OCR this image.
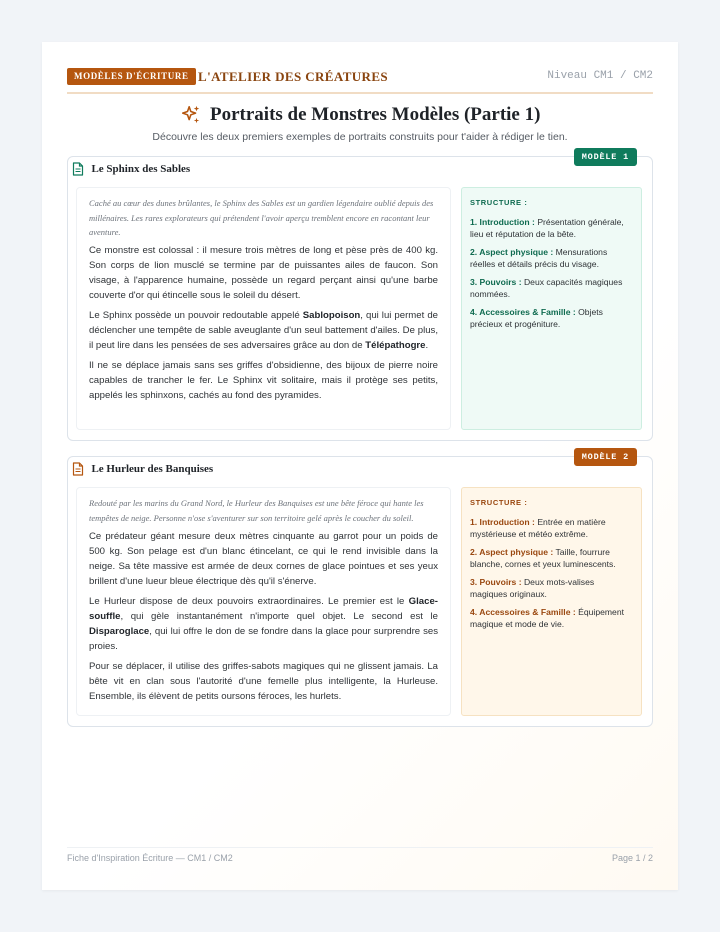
MODÈLES D'ÉCRITURE L'ATELIER DES CRÉATURES	Niveau CM1 / CM2
Portraits de Monstres Modèles (Partie 1)
Découvre les deux premiers exemples de portraits construits pour t'aider à rédiger le tien.
MODÈLE 1
Le Sphinx des Sables
Caché au cœur des dunes brûlantes, le Sphinx des Sables est un gardien légendaire oublié depuis des millénaires. Les rares explorateurs qui prétendent l'avoir aperçu tremblent encore en racontant leur aventure.

Ce monstre est colossal : il mesure trois mètres de long et pèse près de 400 kg. Son corps de lion musclé se termine par de puissantes ailes de faucon. Son visage, à l'apparence humaine, possède un regard perçant ainsi qu'une barbe couverte d'or qui étincelle sous le soleil du désert.

Le Sphinx possède un pouvoir redoutable appelé Sablopoison, qui lui permet de déclencher une tempête de sable aveuglante d'un seul battement d'ailes. De plus, il peut lire dans les pensées de ses adversaires grâce au don de Télépathogre.

Il ne se déplace jamais sans ses griffes d'obsidienne, des bijoux de pierre noire capables de trancher le fer. Le Sphinx vit solitaire, mais il protège ses petits, appelés les sphinxons, cachés au fond des pyramides.

STRUCTURE :
1. Introduction : Présentation générale, lieu et réputation de la bête.
2. Aspect physique : Mensurations réelles et détails précis du visage.
3. Pouvoirs : Deux capacités magiques nommées.
4. Accessoires & Famille : Objets précieux et progéniture.
MODÈLE 2
Le Hurleur des Banquises
Redouté par les marins du Grand Nord, le Hurleur des Banquises est une bête féroce qui hante les tempêtes de neige. Personne n'ose s'aventurer sur son territoire gelé après le coucher du soleil.

Ce prédateur géant mesure deux mètres cinquante au garrot pour un poids de 500 kg. Son pelage est d'un blanc étincelant, ce qui le rend invisible dans la neige. Sa tête massive est armée de deux cornes de glace pointues et ses yeux brillent d'une lueur bleue électrique dès qu'il s'énerve.

Le Hurleur dispose de deux pouvoirs extraordinaires. Le premier est le Glace-souffle, qui gèle instantanément n'importe quel objet. Le second est le Disparoglace, qui lui offre le don de se fondre dans la glace pour surprendre ses proies.

Pour se déplacer, il utilise des griffes-sabots magiques qui ne glissent jamais. La bête vit en clan sous l'autorité d'une femelle plus intelligente, la Hurleuse. Ensemble, ils élèvent de petits oursons féroces, les hurlets.

STRUCTURE :
1. Introduction : Entrée en matière mystérieuse et météo extrême.
2. Aspect physique : Taille, fourrure blanche, cornes et yeux luminescents.
3. Pouvoirs : Deux mots-valises magiques originaux.
4. Accessoires & Famille : Équipement magique et mode de vie.
Fiche d'Inspiration Écriture — CM1 / CM2	Page 1 / 2
